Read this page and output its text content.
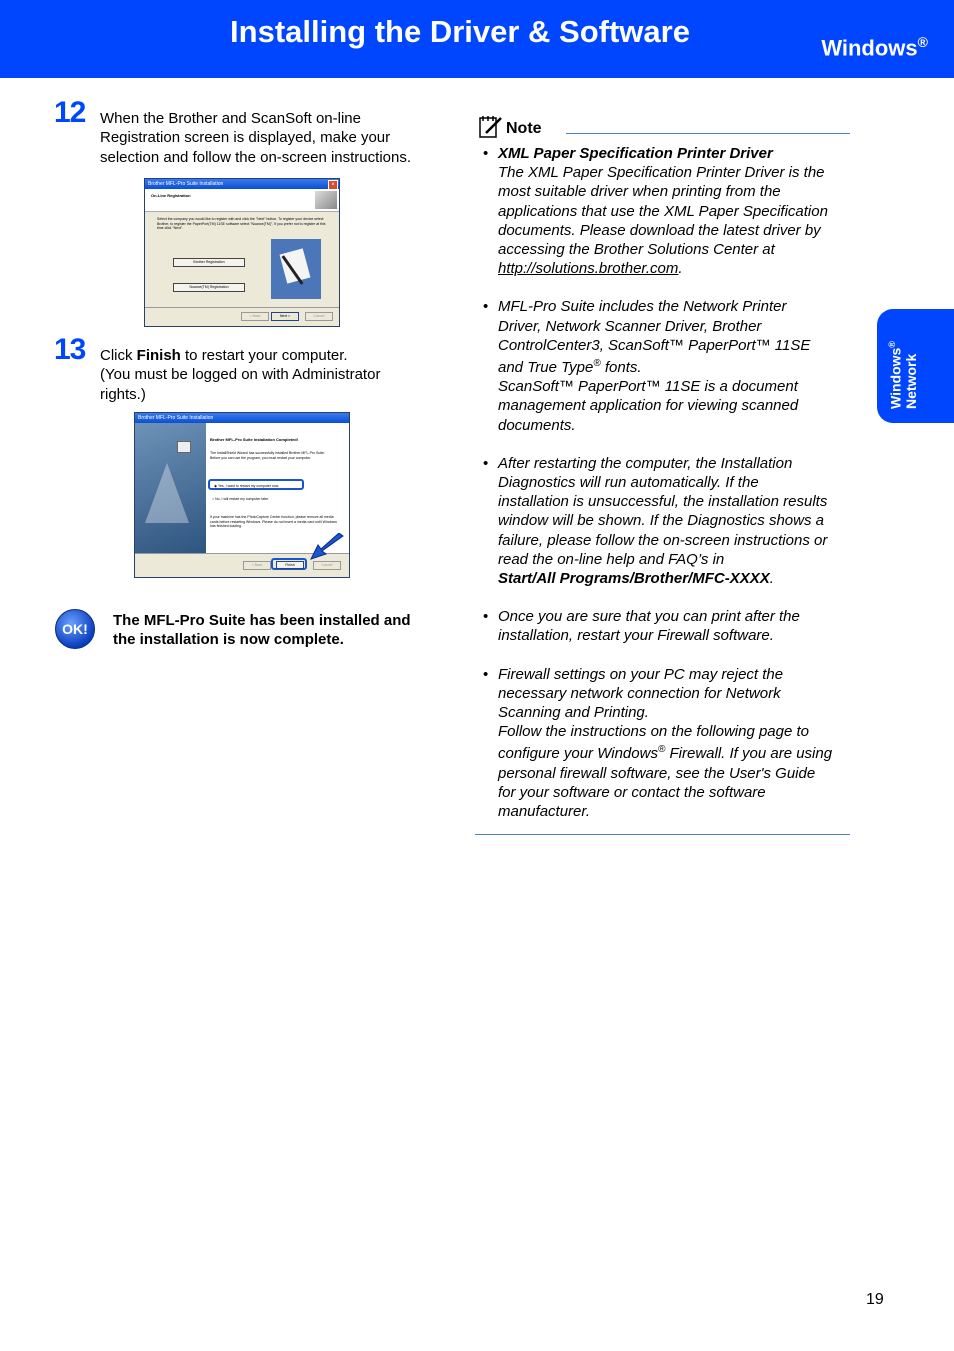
Installing the Driver & Software	Windows®
Windows®
Network
12 When the Brother and ScanSoft on-line
Registration screen is displayed, make your
selection and follow the on-screen instructions.
Brother MFL-Pro Suite Installation	×
On-Line Registration
Select the company you would like to register with and click the "Next" button. To register your device select Brother, to register the PaperPort(TM) 11SE software select "Nuance(TM)". If you prefer not to register at this time click "Next".
Brother Registration
Nuance(TM) Registration
< Back	Next >	Cancel
13 Click Finish to restart your computer.
(You must be logged on with Administrator
rights.)
Brother MFL-Pro Suite Installation
Brother MFL-Pro Suite Installation Completed!
The InstallShield Wizard has successfully installed Brother MFL-Pro Suite. Before you can use the program, you must restart your computer.
◉ Yes, I want to restart my computer now.
○ No, I will restart my computer later.
If your machine has the PhotoCapture Center function, please remove all media cards before restarting Windows. Please do not insert a media card until Windows has finished loading.
< Back	Finish	Cancel
OK!	The MFL-Pro Suite has been installed and
the installation is now complete.
Note
• XML Paper Specification Printer Driver
The XML Paper Specification Printer Driver is the
most suitable driver when printing from the
applications that use the XML Paper Specification
documents. Please download the latest driver by
accessing the Brother Solutions Center at
http://solutions.brother.com.
• MFL-Pro Suite includes the Network Printer
Driver, Network Scanner Driver, Brother
ControlCenter3, ScanSoft™ PaperPort™ 11SE
and True Type® fonts.
ScanSoft™ PaperPort™ 11SE is a document
management application for viewing scanned
documents.
• After restarting the computer, the Installation
Diagnostics will run automatically. If the
installation is unsuccessful, the installation results
window will be shown. If the Diagnostics shows a
failure, please follow the on-screen instructions or
read the on-line help and FAQ’s in
Start/All Programs/Brother/MFC-XXXX.
• Once you are sure that you can print after the
installation, restart your Firewall software.
• Firewall settings on your PC may reject the
necessary network connection for Network
Scanning and Printing.
Follow the instructions on the following page to
configure your Windows® Firewall. If you are using
personal firewall software, see the User's Guide
for your software or contact the software
manufacturer.
19
